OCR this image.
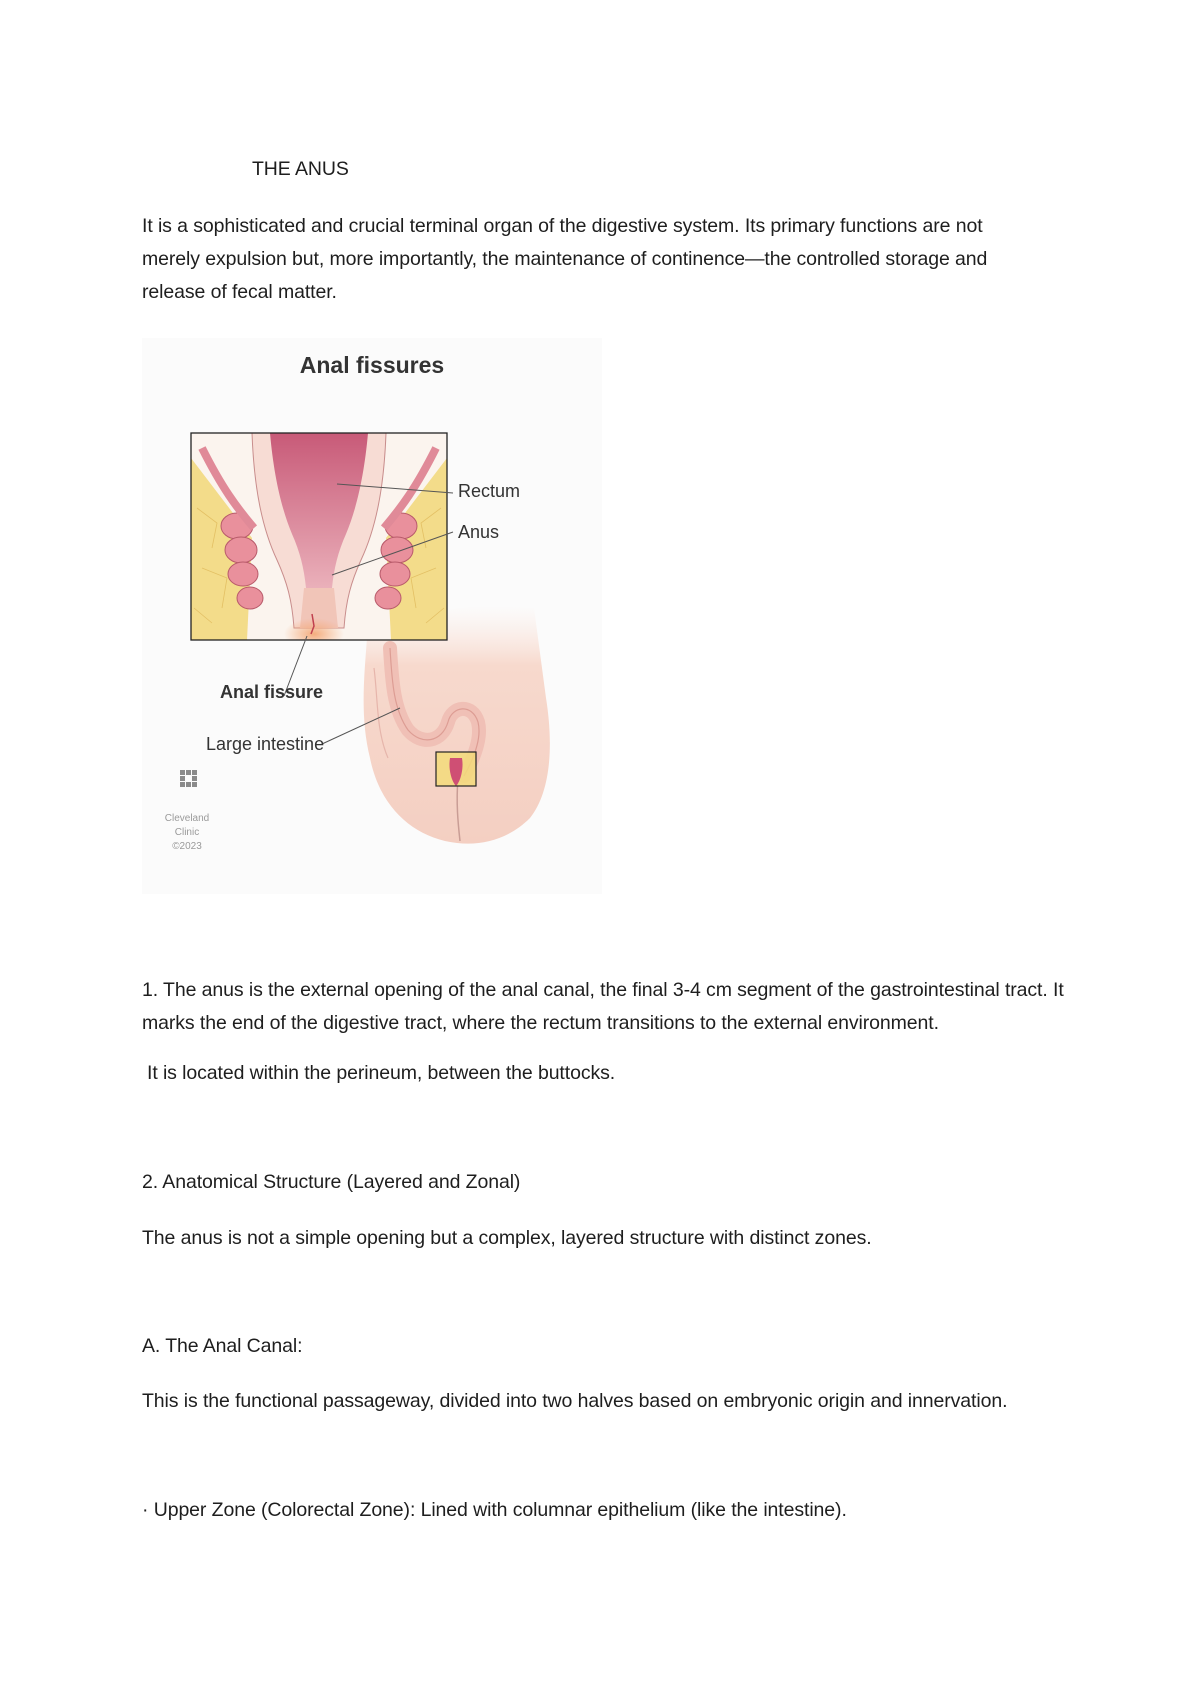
THE ANUS

It is a sophisticated and crucial terminal organ of the digestive system. Its primary functions are not merely expulsion but, more importantly, the maintenance of continence—the controlled storage and release of fecal matter.

Anal fissures

Rectum

Anus

Anal fissure

Large intestine

Cleveland

Clinic

©2023

1. The anus is the external opening of the anal canal, the final 3-4 cm segment of the gastrointestinal tract. It marks the end of the digestive tract, where the rectum transitions to the external environment.

It is located within the perineum, between the buttocks.

2. Anatomical Structure (Layered and Zonal)

The anus is not a simple opening but a complex, layered structure with distinct zones.

A. The Anal Canal:

This is the functional passageway, divided into two halves based on embryonic origin and innervation.

· Upper Zone (Colorectal Zone): Lined with columnar epithelium (like the intestine).
